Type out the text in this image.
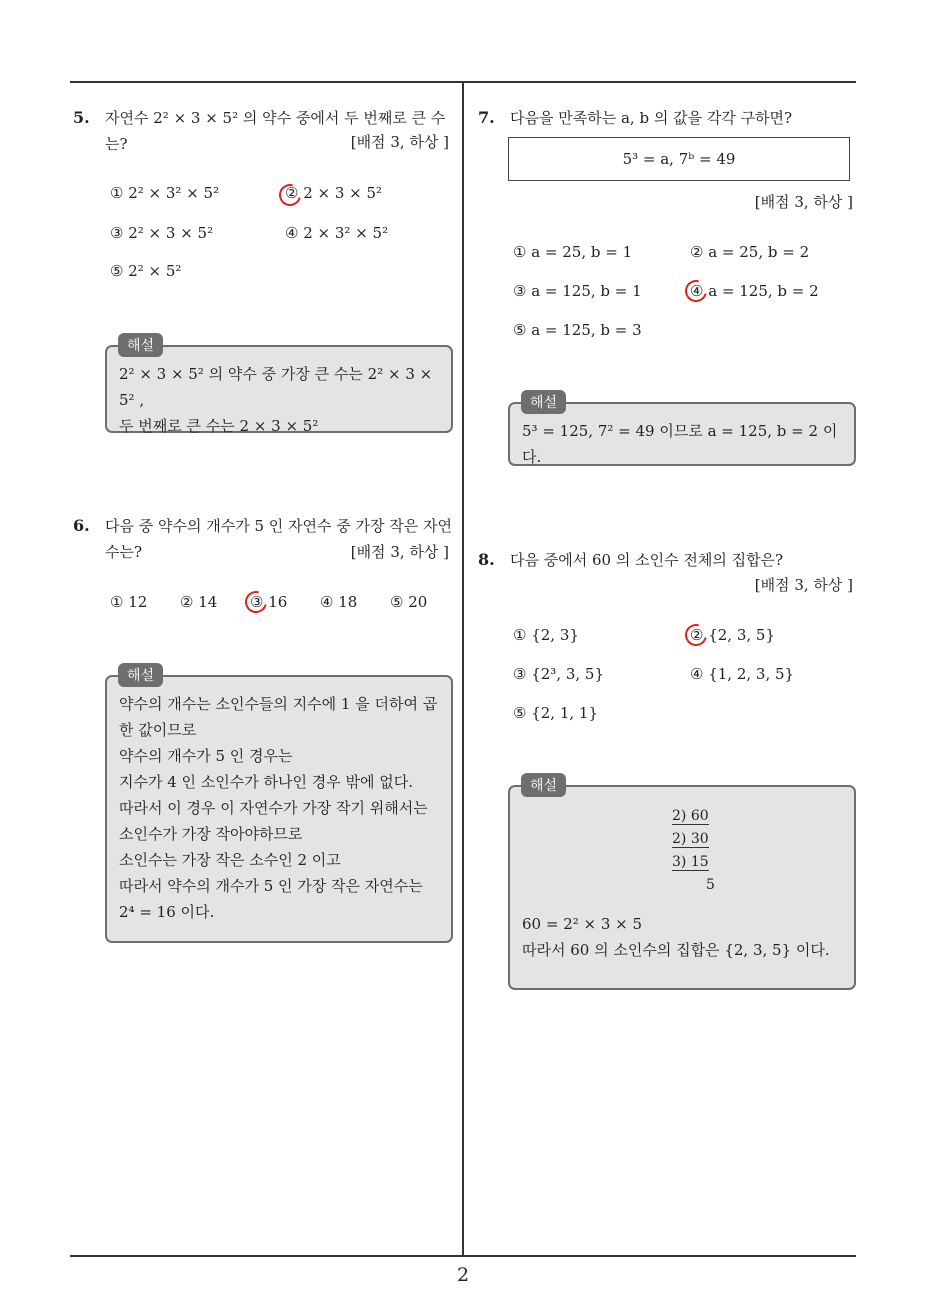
5. 자연수 2² × 3 × 5² 의 약수 중에서 두 번째로 큰 수는?	[배점 3, 하상 ]
① 2² × 3² × 5²	② 2 × 3 × 5²
③ 2² × 3 × 5²	④ 2 × 3² × 5²
⑤ 2² × 5²
2² × 3 × 5² 의 약수 중 가장 큰 수는 2² × 3 × 5² ,
두 번째로 큰 수는 2 × 3 × 5²
해설
6. 다음 중 약수의 개수가 5 인 자연수 중 가장 작은 자연
수는?	[배점 3, 하상 ]
① 12 ② 14 ③ 16 ④ 18 ⑤ 20
약수의 개수는 소인수들의 지수에 1 을 더하여 곱
한 값이므로
약수의 개수가 5 인 경우는
지수가 4 인 소인수가 하나인 경우 밖에 없다.
따라서 이 경우 이 자연수가 가장 작기 위해서는
소인수가 가장 작아야하므로
소인수는 가장 작은 소수인 2 이고
따라서 약수의 개수가 5 인 가장 작은 자연수는
2⁴ = 16 이다.
해설
7. 다음을 만족하는 a, b 의 값을 각각 구하면?
5³ = a, 7ᵇ = 49
[배점 3, 하상 ]
① a = 25, b = 1	② a = 25, b = 2
③ a = 125, b = 1	④ a = 125, b = 2
⑤ a = 125, b = 3
5³ = 125, 7² = 49 이므로 a = 125, b = 2 이다.
해설
8. 다음 중에서 60 의 소인수 전체의 집합은?
[배점 3, 하상 ]
① {2, 3}	② {2, 3, 5}
③ {2³, 3, 5}	④ {1, 2, 3, 5}
⑤ {2, 1, 1}
2) 60
2) 30
3) 15
5
60 = 2² × 3 × 5
따라서 60 의 소인수의 집합은 {2, 3, 5} 이다.
해설
2
